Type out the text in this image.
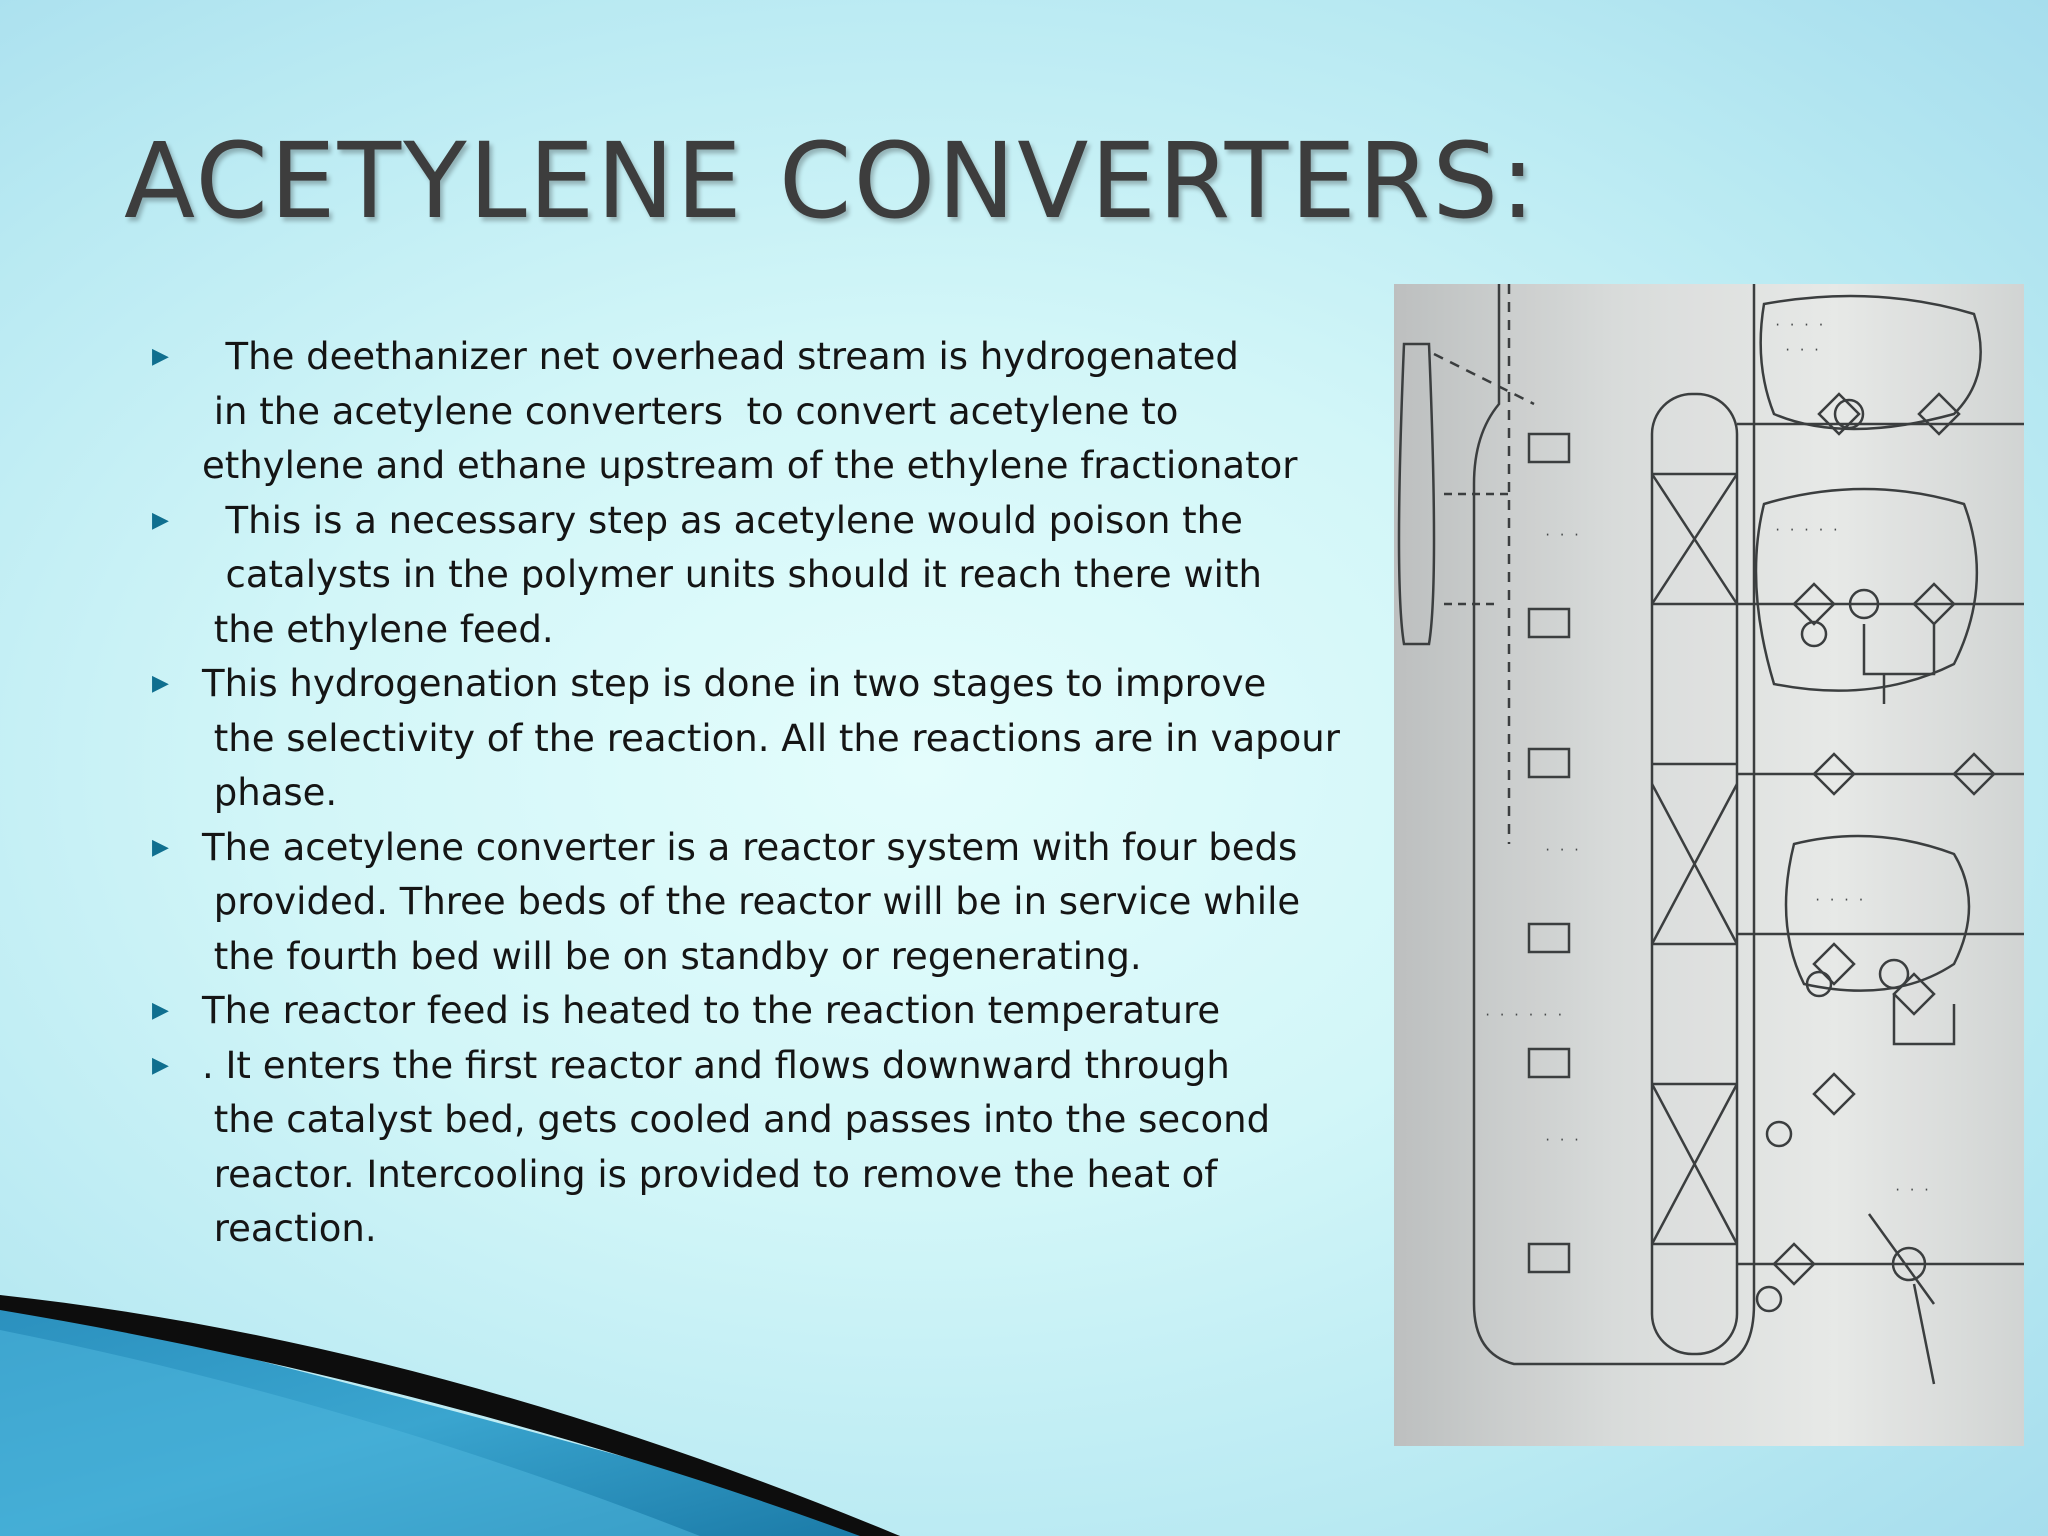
ACETYLENE CONVERTERS:
▶ The deethanizer net overhead stream is hydrogenated
in the acetylene converters  to convert acetylene to
ethylene and ethane upstream of the ethylene fractionator
▶ This is a necessary step as acetylene would poison the
catalysts in the polymer units should it reach there with
the ethylene feed.
▶ This hydrogenation step is done in two stages to improve
the selectivity of the reaction. All the reactions are in vapour
phase.
▶ The acetylene converter is a reactor system with four beds
provided. Three beds of the reactor will be in service while
the fourth bed will be on standby or regenerating.
▶ The reactor feed is heated to the reaction temperature
▶ . It enters the first reactor and flows downward through
the catalyst bed, gets cooled and passes into the second
reactor. Intercooling is provided to remove the heat of
reaction.
· · · ·
· · ·
· · · · ·
· · ·
· · ·
· · · ·
· · · · · ·
· · ·
· · ·
